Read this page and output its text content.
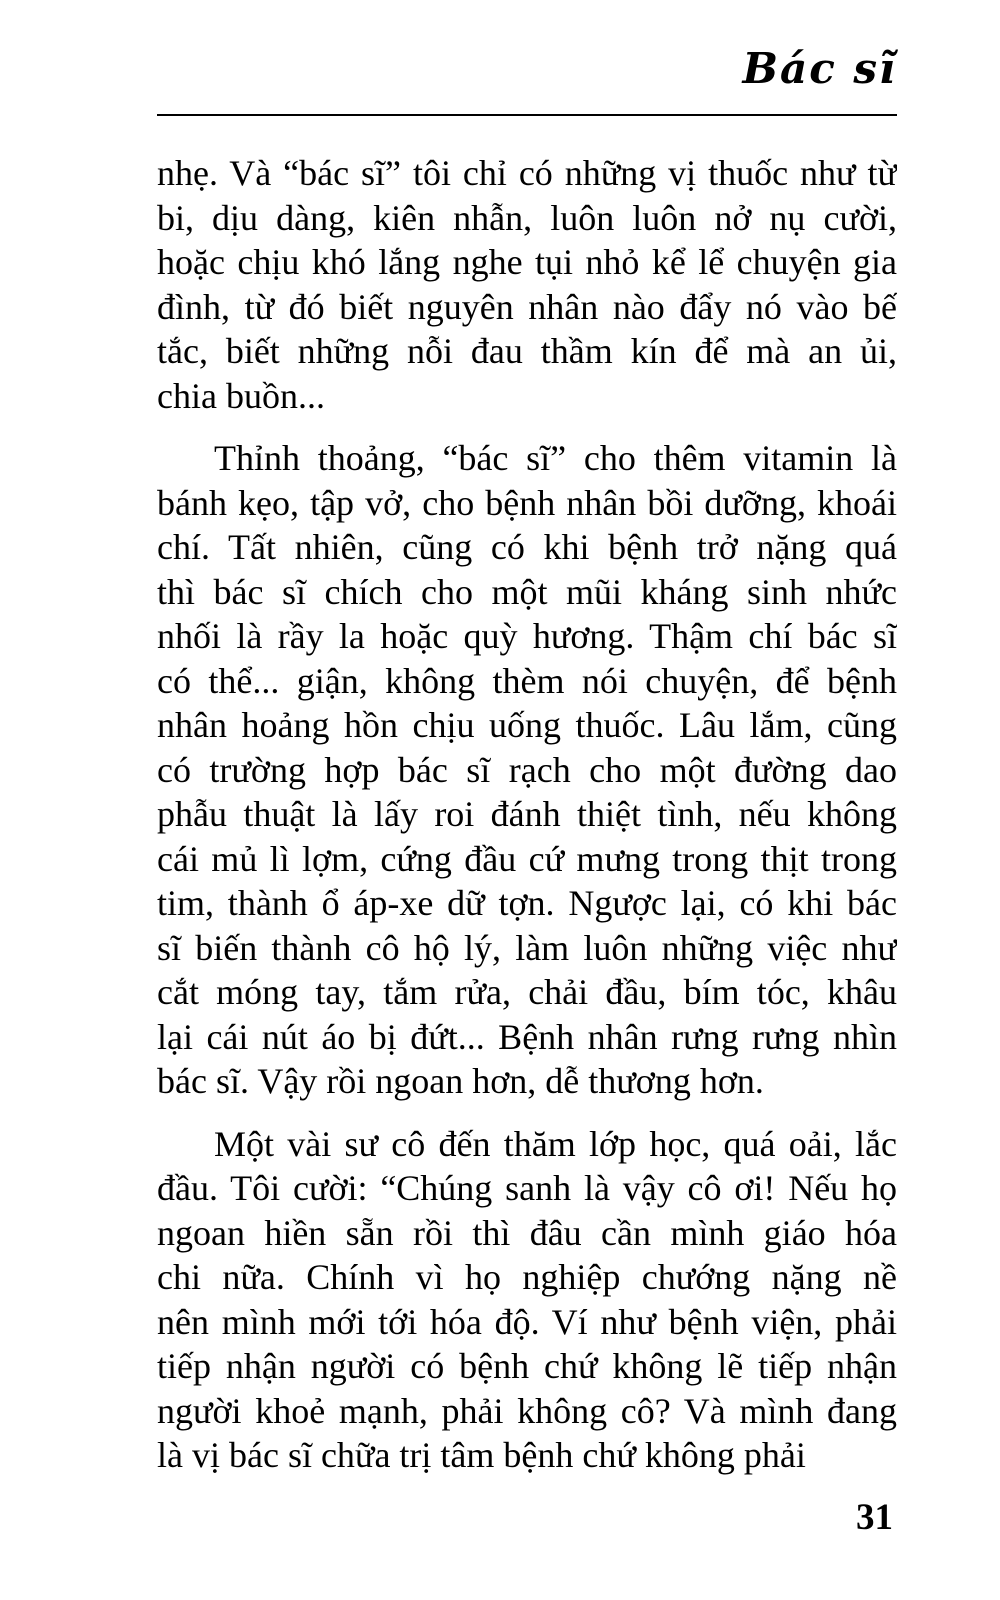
Bác sĩ
nhẹ. Và “bác sĩ” tôi chỉ có những vị thuốc như từ
bi, dịu dàng, kiên nhẫn, luôn luôn nở nụ cười,
hoặc chịu khó lắng nghe tụi nhỏ kể lể chuyện gia
đình, từ đó biết nguyên nhân nào đẩy nó vào bế
tắc, biết những nỗi đau thầm kín để mà an ủi,
chia buồn...
Thỉnh thoảng, “bác sĩ” cho thêm vitamin là
bánh kẹo, tập vở, cho bệnh nhân bồi dưỡng, khoái
chí. Tất nhiên, cũng có khi bệnh trở nặng quá
thì bác sĩ chích cho một mũi kháng sinh nhức
nhối là rầy la hoặc quỳ hương. Thậm chí bác sĩ
có thể... giận, không thèm nói chuyện, để bệnh
nhân hoảng hồn chịu uống thuốc. Lâu lắm, cũng
có trường hợp bác sĩ rạch cho một đường dao
phẫu thuật là lấy roi đánh thiệt tình, nếu không
cái mủ lì lợm, cứng đầu cứ mưng trong thịt trong
tim, thành ổ áp-xe dữ tợn. Ngược lại, có khi bác
sĩ biến thành cô hộ lý, làm luôn những việc như
cắt móng tay, tắm rửa, chải đầu, bím tóc, khâu
lại cái nút áo bị đứt... Bệnh nhân rưng rưng nhìn
bác sĩ. Vậy rồi ngoan hơn, dễ thương hơn.
Một vài sư cô đến thăm lớp học, quá oải, lắc
đầu. Tôi cười: “Chúng sanh là vậy cô ơi! Nếu họ
ngoan hiền sẵn rồi thì đâu cần mình giáo hóa
chi nữa. Chính vì họ nghiệp chướng nặng nề
nên mình mới tới hóa độ. Ví như bệnh viện, phải
tiếp nhận người có bệnh chứ không lẽ tiếp nhận
người khoẻ mạnh, phải không cô? Và mình đang
là vị bác sĩ chữa trị tâm bệnh chứ không phải
31
